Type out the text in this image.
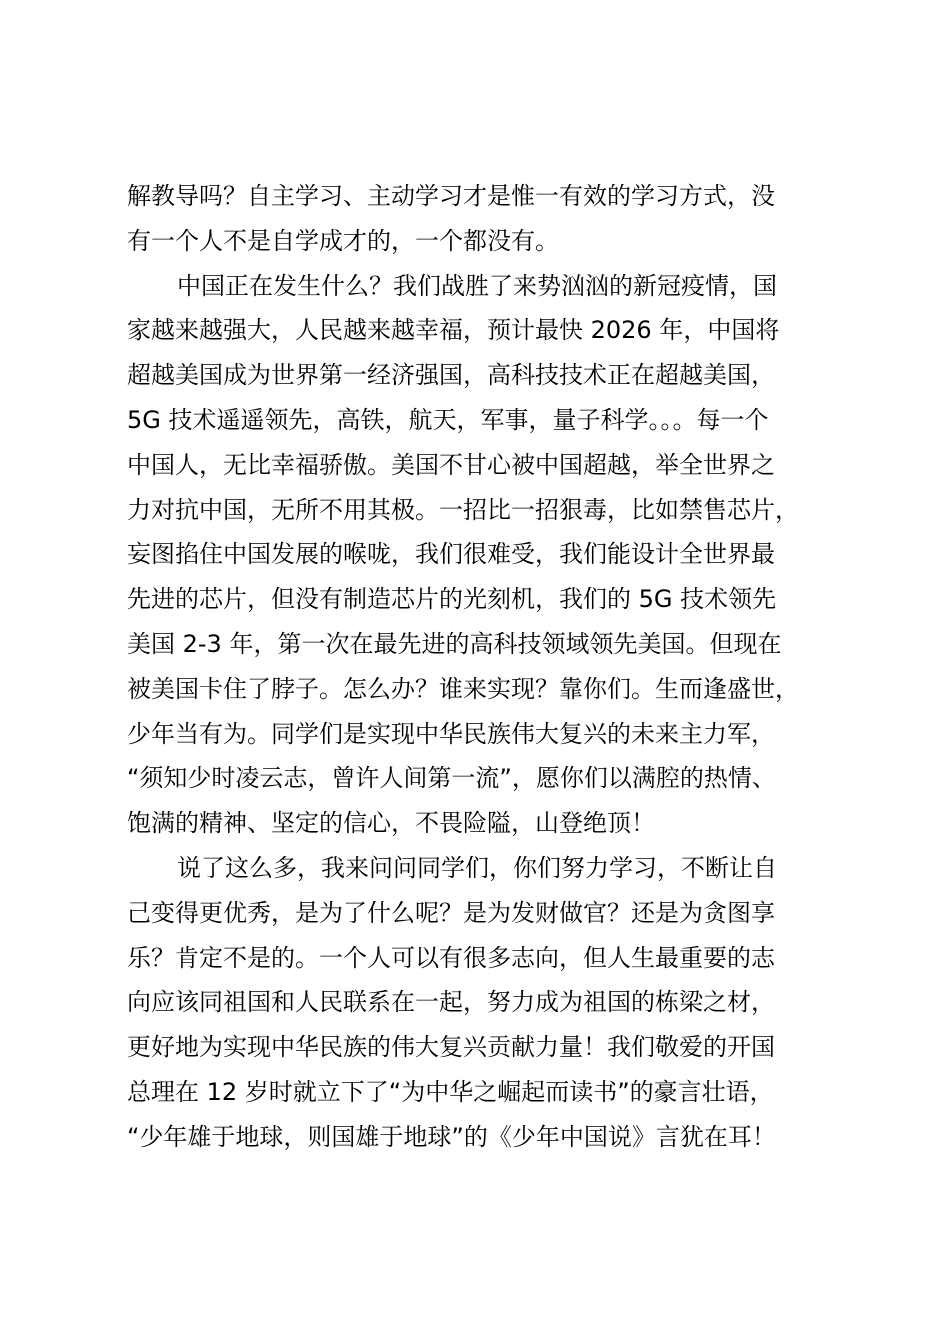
解教导吗？自主学习、主动学习才是惟一有效的学习方式，没
有一个人不是自学成才的，一个都没有。
中国正在发生什么？我们战胜了来势汹汹的新冠疫情，国
家越来越强大，人民越来越幸福，预计最快 2026 年，中国将
超越美国成为世界第一经济强国，高科技技术正在超越美国，
5G 技术遥遥领先，高铁，航天，军事，量子科学。。。每一个
中国人，无比幸福骄傲。美国不甘心被中国超越，举全世界之
力对抗中国，无所不用其极。一招比一招狠毒，比如禁售芯片，
妄图掐住中国发展的喉咙，我们很难受，我们能设计全世界最
先进的芯片，但没有制造芯片的光刻机，我们的 5G 技术领先
美国 2-3 年，第一次在最先进的高科技领域领先美国。但现在
被美国卡住了脖子。怎么办？谁来实现？靠你们。生而逢盛世，
少年当有为。同学们是实现中华民族伟大复兴的未来主力军，
“须知少时凌云志，曾许人间第一流”，愿你们以满腔的热情、
饱满的精神、坚定的信心，不畏险隘，山登绝顶！
说了这么多，我来问问同学们，你们努力学习，不断让自
己变得更优秀，是为了什么呢？是为发财做官？还是为贪图享
乐？肯定不是的。一个人可以有很多志向，但人生最重要的志
向应该同祖国和人民联系在一起，努力成为祖国的栋梁之材，
更好地为实现中华民族的伟大复兴贡献力量！我们敬爱的开国
总理在 12 岁时就立下了“为中华之崛起而读书”的豪言壮语，
“少年雄于地球，则国雄于地球”的《少年中国说》言犹在耳！
